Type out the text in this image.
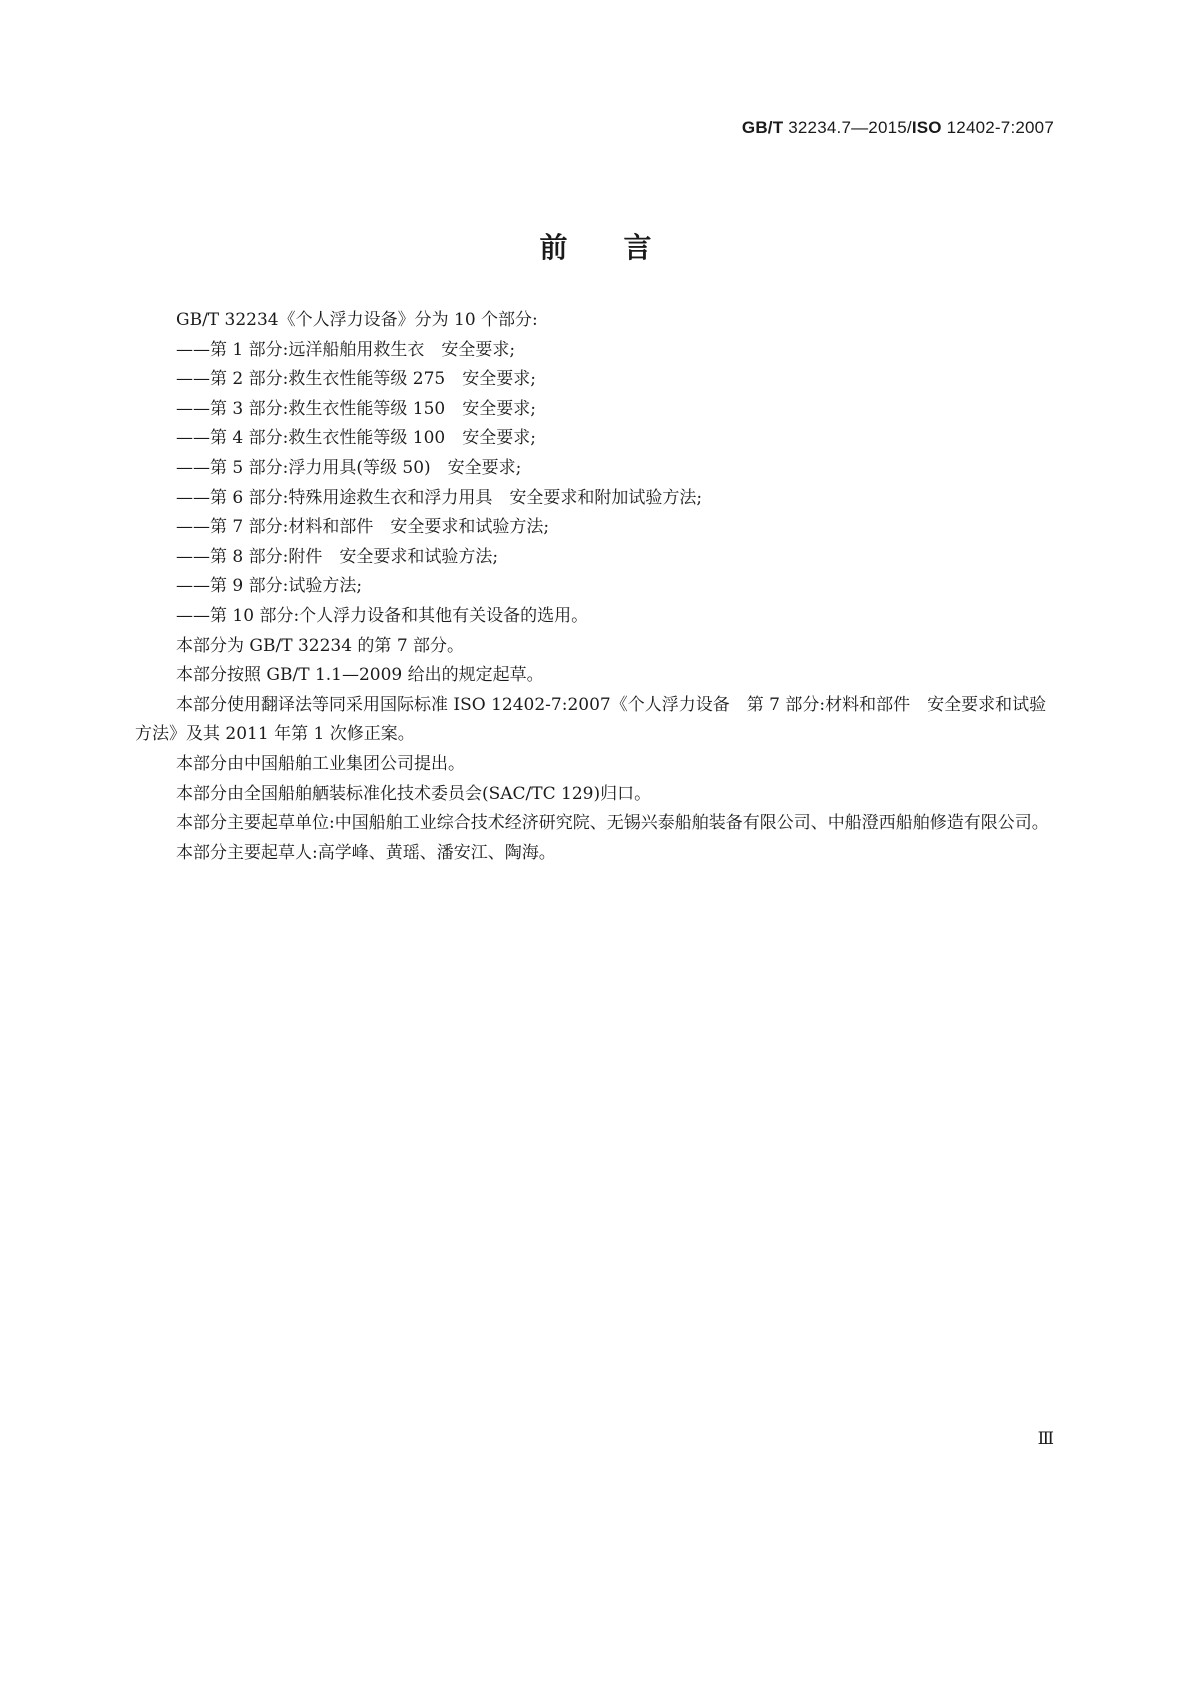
GB/T 32234.7—2015/ISO 12402-7:2007
前言

GB/T 32234《个人浮力设备》分为 10 个部分:

——第 1 部分:远洋船舶用救生衣　安全要求;

——第 2 部分:救生衣性能等级 275　安全要求;

——第 3 部分:救生衣性能等级 150　安全要求;

——第 4 部分:救生衣性能等级 100　安全要求;

——第 5 部分:浮力用具(等级 50)　安全要求;

——第 6 部分:特殊用途救生衣和浮力用具　安全要求和附加试验方法;

——第 7 部分:材料和部件　安全要求和试验方法;

——第 8 部分:附件　安全要求和试验方法;

——第 9 部分:试验方法;

——第 10 部分:个人浮力设备和其他有关设备的选用。

本部分为 GB/T 32234 的第 7 部分。

本部分按照 GB/T 1.1—2009 给出的规定起草。

本部分使用翻译法等同采用国际标准 ISO 12402-7:2007《个人浮力设备　第 7 部分:材料和部件　安全要求和试验方法》及其 2011 年第 1 次修正案。

本部分由中国船舶工业集团公司提出。

本部分由全国船舶舾装标准化技术委员会(SAC/TC 129)归口。

本部分主要起草单位:中国船舶工业综合技术经济研究院、无锡兴泰船舶装备有限公司、中船澄西船舶修造有限公司。

本部分主要起草人:高学峰、黄瑶、潘安江、陶海。

Ⅲ
